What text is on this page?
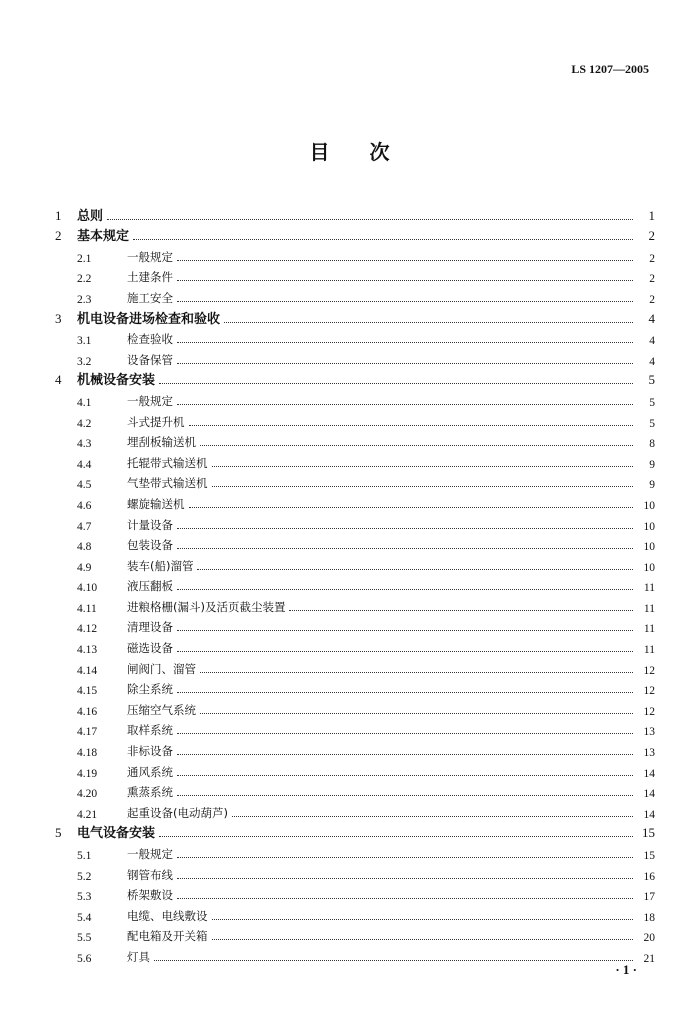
LS 1207—2005
目次
1	总则	1
2	基本规定	2
2.1	一般规定	2
2.2	土建条件	2
2.3	施工安全	2
3	机电设备进场检查和验收	4
3.1	检查验收	4
3.2	设备保管	4
4	机械设备安装	5
4.1	一般规定	5
4.2	斗式提升机	5
4.3	埋刮板输送机	8
4.4	托辊带式输送机	9
4.5	气垫带式输送机	9
4.6	螺旋输送机	10
4.7	计量设备	10
4.8	包装设备	10
4.9	装车(船)溜管	10
4.10	液压翻板	11
4.11	进粮格栅(漏斗)及活页截尘装置	11
4.12	清理设备	11
4.13	磁选设备	11
4.14	闸阀门、溜管	12
4.15	除尘系统	12
4.16	压缩空气系统	12
4.17	取样系统	13
4.18	非标设备	13
4.19	通风系统	14
4.20	熏蒸系统	14
4.21	起重设备(电动葫芦)	14
5	电气设备安装	15
5.1	一般规定	15
5.2	钢管布线	16
5.3	桥架敷设	17
5.4	电缆、电线敷设	18
5.5	配电箱及开关箱	20
5.6	灯具	21
· 1 ·
